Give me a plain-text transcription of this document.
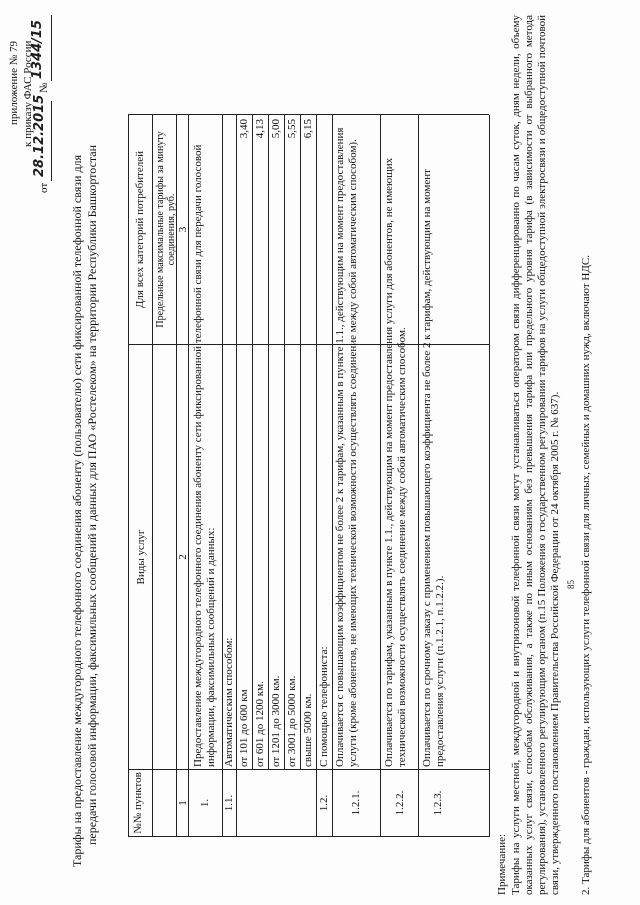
приложение № 79 к приказу ФАС России
от
28.12.2015
№
1344/15
Тарифы на предоставление междугородного телефонного соединения абоненту (пользователю) сети фиксированной телефонной связи для передачи голосовой информации, факсимильных сообщений и данных для ПАО «Ростелеком» на территории Республики Башкортостан	№№ пунктов
Виды услуг
Для всех категорий потребителей Предельные максимальные тарифы за минуту соединения, руб.
1
2
3
1.
Предоставление междугородного телефонного соединения абоненту сети фиксированной телефонной связи для передачи голосовой информации, факсимильных сообщений и данных:
1.1.
Автоматическим способом: от 101 до 600 км
3,40
от 601 до 1200 км.
4,13
от 1201 до 3000 км.
5,00
от 3001 до 5000 км.
5,55
свыше 5000 км.
6,15
1.2.
С помощью телефониста:
1.2.1.
Оплачивается с повышающим коэффициентом не более 2 к тарифам, указанным в пункте 1.1., действующим на момент предоставления услуги (кроме абонентов, не имеющих технической возможности осуществлять соединение между собой автоматическим способом).
1.2.2.
Оплачивается по тарифам, указанным в пункте 1.1., действующим на момент предоставления услуги для абонентов, не имеющих технической возможности осуществлять соединение между собой автоматическим способом.
1.2.3.
Оплачивается по срочному заказу с применением повышающего коэффициента не более 2 к тарифам, действующим на момент предоставления услуги (п.1.2.1, п.1.2.2.).
Примечание: Тарифы на услуги местной, междугородной и внутризоновой телефонной связи могут устанавливаться оператором связи дифференцированно по часам суток, дням недели, объему оказанных услуг связи, способам обслуживания, а также по иным основаниям без превышения тарифа или предельного уровня тарифа (в зависимости от выбранного метода регулирования), установленного регулирующим органом (п.15 Положения о государственном регулировании тарифов на услуги общедоступной электросвязи и общедоступной почтовой связи, утвержденного постановлением Правительства Российской Федерации от 24 октября 2005 г. № 637). 2. Тарифы для абонентов - граждан, использующих услуги телефонной связи для личных, семейных и домашних нужд, включают НДС.
85
